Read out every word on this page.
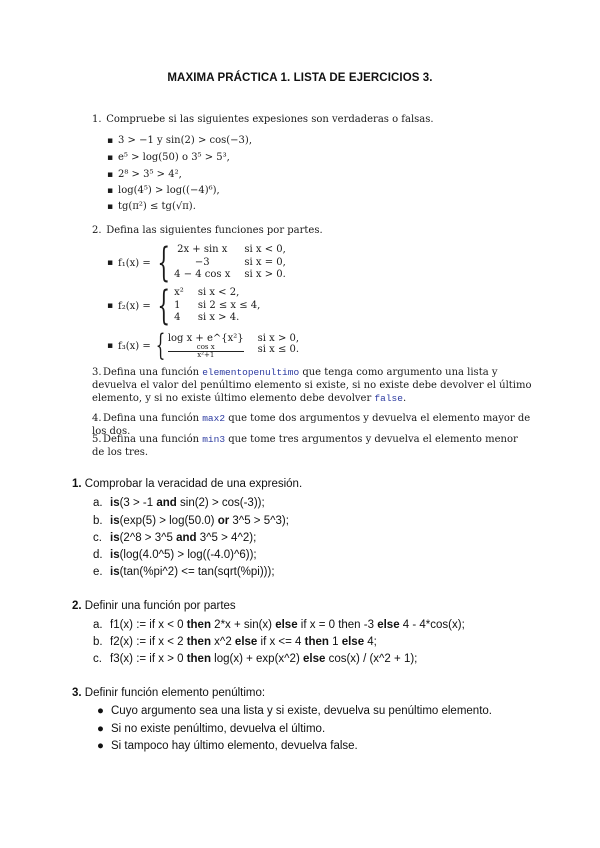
MAXIMA PRÁCTICA 1. LISTA DE EJERCICIOS 3.
1. Compruebe si las siguientes expesiones son verdaderas o falsas.
▪ 3 > −1 y sin(2) > cos(−3),
▪ e⁵ > log(50) o 3⁵ > 5³,
▪ 2⁸ > 3⁵ > 4²,
▪ log(4⁵) > log((−4)⁶),
▪ tg(π²) ≤ tg(√π).
2. Defina las siguientes funciones por partes.
▪ f₁(x) = { 2x + sin x si x < 0,
−3	si x = 0,
4 − 4 cos x si x > 0.
▪ f₂(x) = { x² si x < 2,
1	si 2 ≤ x ≤ 4,
4	si x > 4.
▪ f₃(x) = { log x + e^{x²} si x > 0,
$\frac{\text{cos x}}{\text{x²+1}}$ si x ≤ 0.
3.Defina una función elementopenultimo que tenga como argumento una lista y devuelva el valor del penúltimo elemento si existe, si no existe debe devolver el último elemento, y si no existe último elemento debe devolver false.
4.Defina una función max2 que tome dos argumentos y devuelva el elemento mayor de los dos.
5.Defina una función min3 que tome tres argumentos y devuelva el elemento menor de los tres.
1. Comprobar la veracidad de una expresión.
a. is(3 > -1 and sin(2) > cos(-3));
b. is(exp(5) > log(50.0) or 3^5 > 5^3);
c. is(2^8 > 3^5 and 3^5 > 4^2);
d. is(log(4.0^5) > log((-4.0)^6));
e. is(tan(%pi^2) <= tan(sqrt(%pi)));
2. Definir una función por partes
a. f1(x) := if x < 0 then 2*x + sin(x) else if x = 0 then -3 else 4 - 4*cos(x);
b. f2(x) := if x < 2 then x^2 else if x <= 4 then 1 else 4;
c. f3(x) := if x > 0 then log(x) + exp(x^2) else cos(x) / (x^2 + 1);
3. Definir función elemento penúltimo:
● Cuyo argumento sea una lista y si existe, devuelva su penúltimo elemento.
● Si no existe penúltimo, devuelva el último.
● Si tampoco hay último elemento, devuelva false.
